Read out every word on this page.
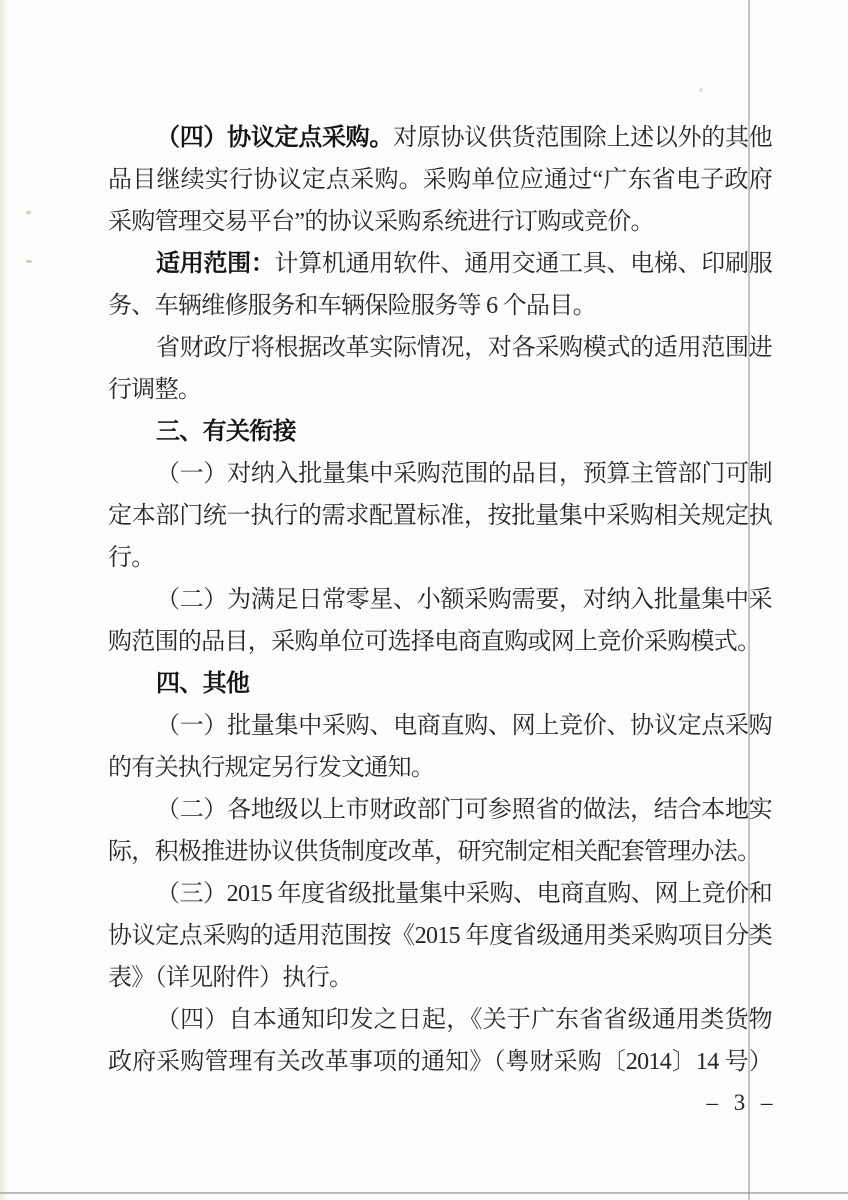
（四）协议定点采购。对原协议供货范围除上述以外的其他
品目继续实行协议定点采购。采购单位应通过“广东省电子政府
采购管理交易平台”的协议采购系统进行订购或竞价。
适用范围：计算机通用软件、通用交通工具、电梯、印刷服
务、车辆维修服务和车辆保险服务等 6 个品目。
省财政厅将根据改革实际情况，对各采购模式的适用范围进
行调整。
三、有关衔接
（一）对纳入批量集中采购范围的品目，预算主管部门可制
定本部门统一执行的需求配置标准，按批量集中采购相关规定执
行。
（二）为满足日常零星、小额采购需要，对纳入批量集中采
购范围的品目，采购单位可选择电商直购或网上竞价采购模式。
四、其他
（一）批量集中采购、电商直购、网上竞价、协议定点采购
的有关执行规定另行发文通知。
（二）各地级以上市财政部门可参照省的做法，结合本地实
际，积极推进协议供货制度改革，研究制定相关配套管理办法。
（三）2015 年度省级批量集中采购、电商直购、网上竞价和
协议定点采购的适用范围按《2015 年度省级通用类采购项目分类
表》（详见附件）执行。
（四）自本通知印发之日起，《关于广东省省级通用类货物
政府采购管理有关改革事项的通知》（粤财采购〔2014〕14 号）
– 3 –
